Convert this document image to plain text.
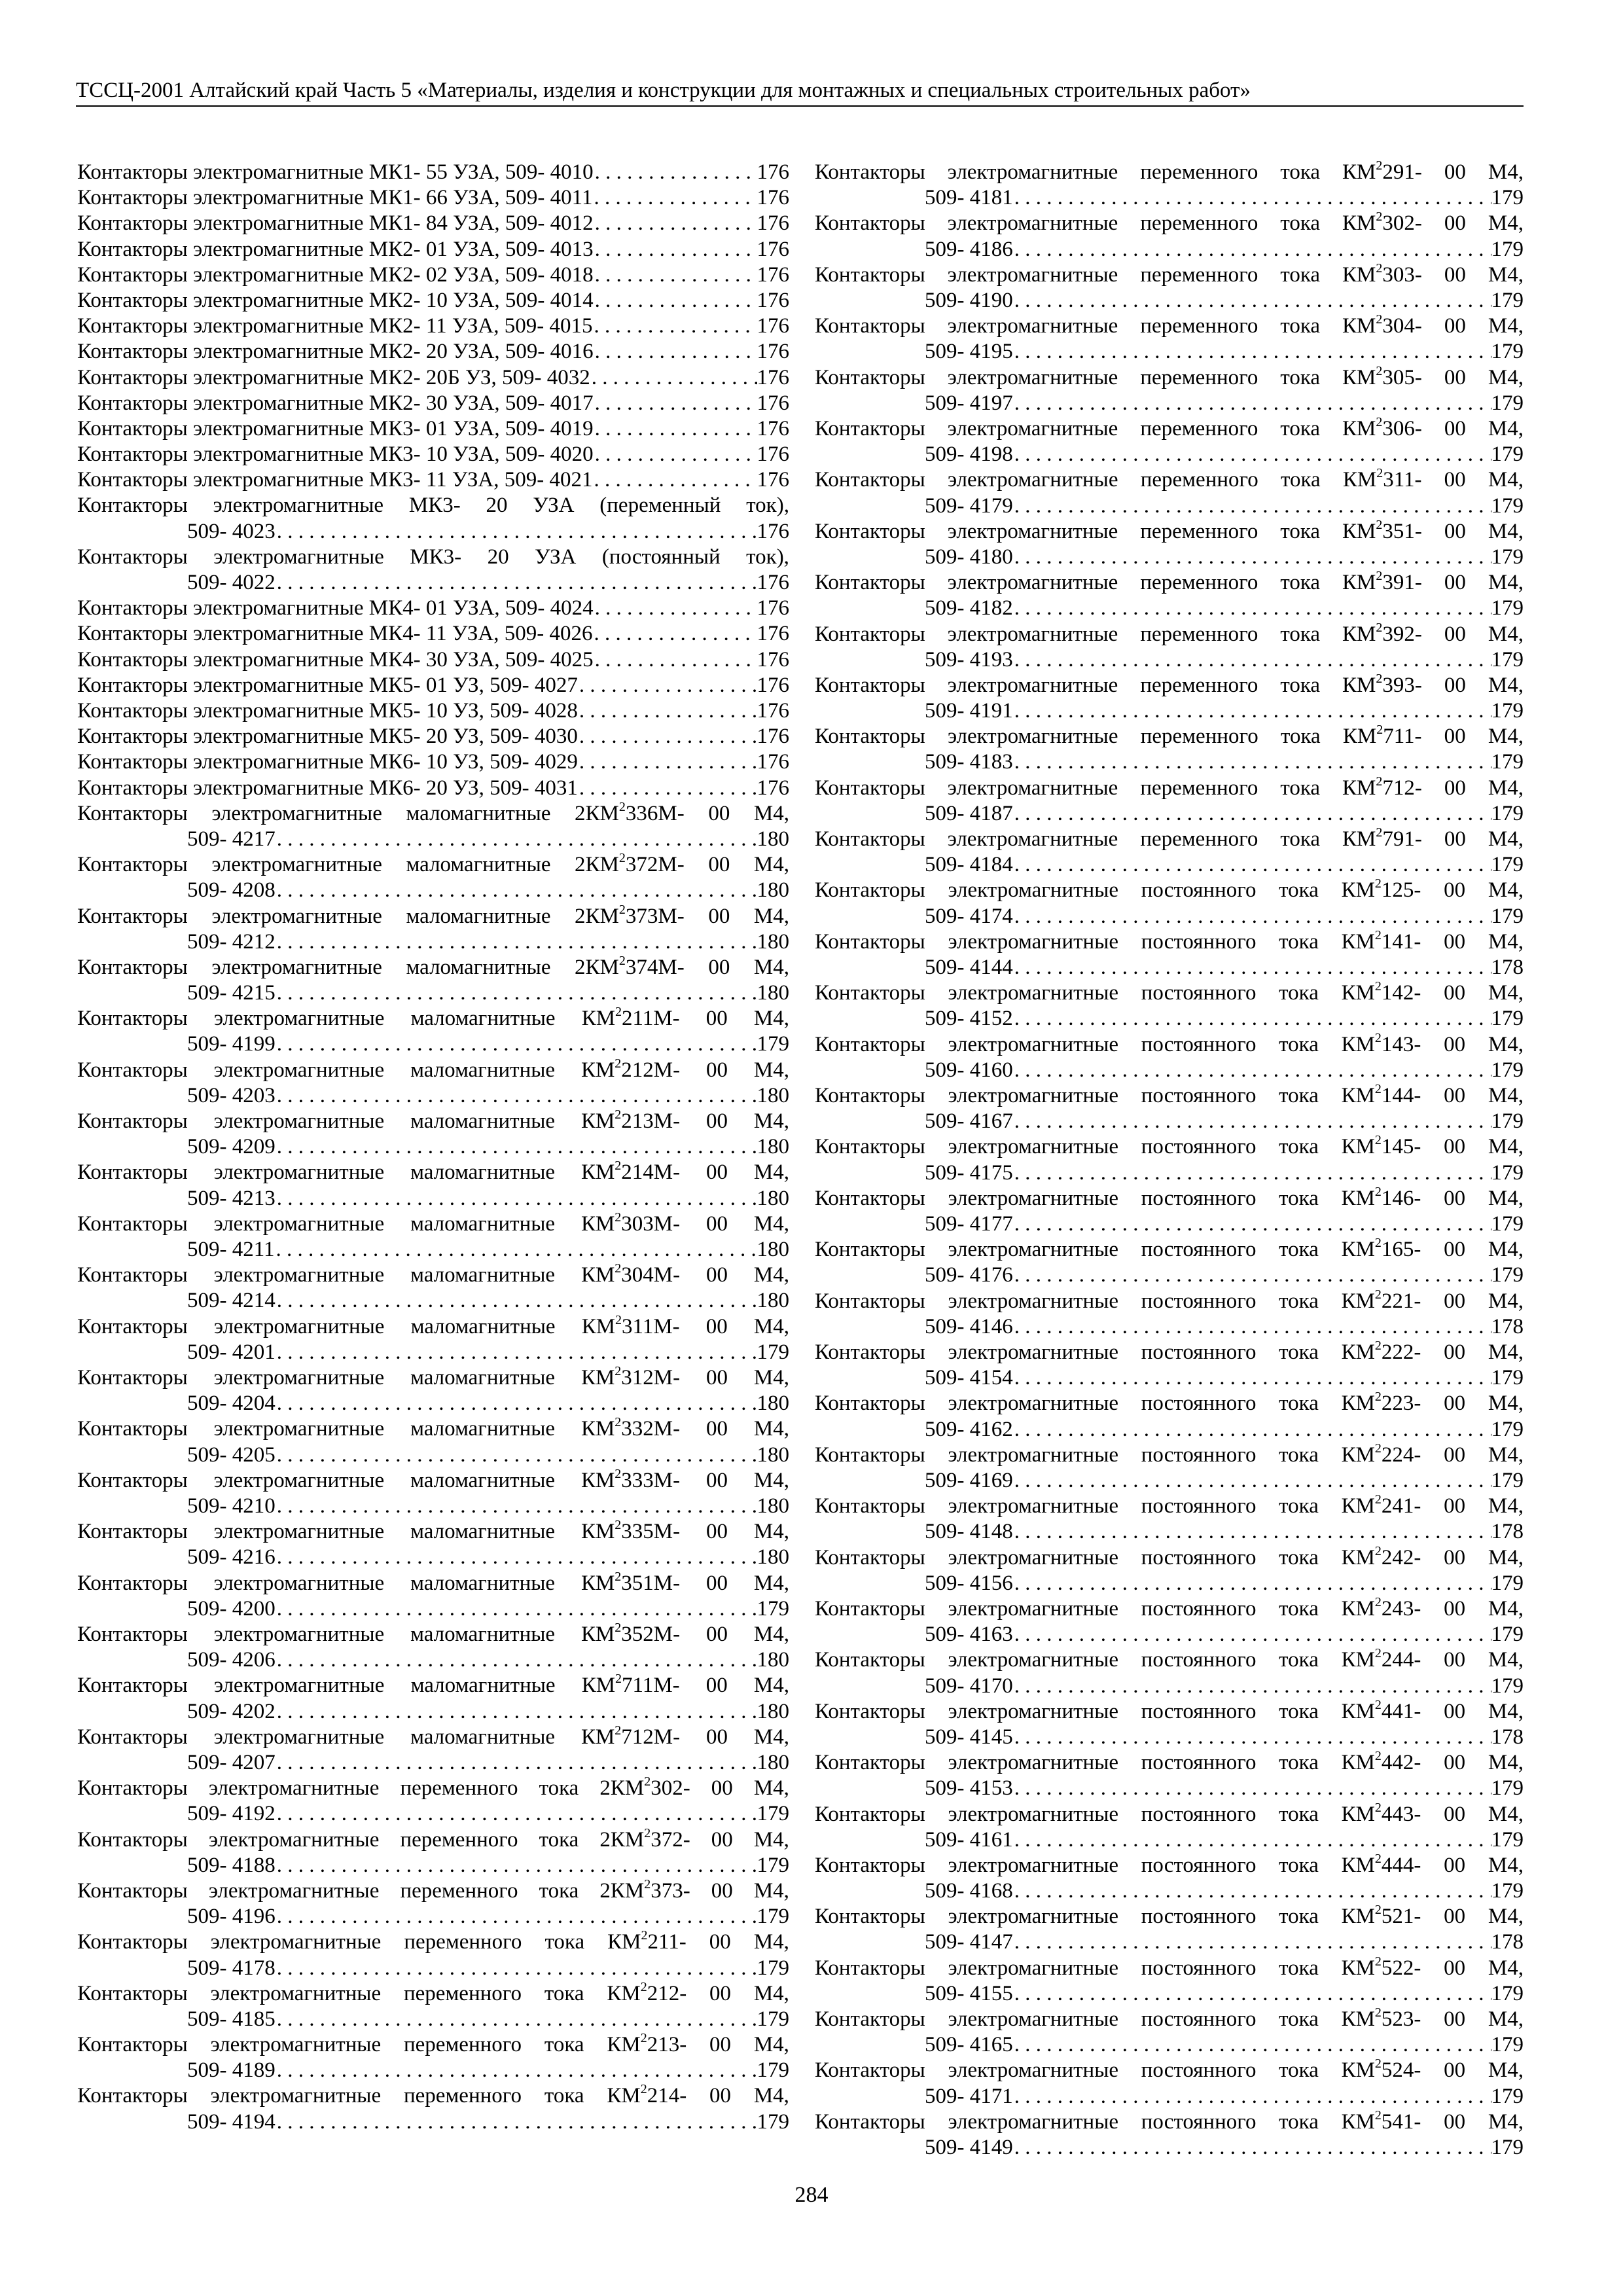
ТССЦ-2001 Алтайский край Часть 5 «Материалы, изделия и конструкции для монтажных и специальных строительных работ»
Контакторы электромагнитные МК1- 55 УЗА, 509- 4010 . . .	176
Контакторы электромагнитные МК1- 66 УЗА, 509- 4011 . . .	176
Контакторы электромагнитные МК1- 84 УЗА, 509- 4012 . . .	176
Контакторы электромагнитные МК2- 01 УЗА, 509- 4013 . . .	176
Контакторы электромагнитные МК2- 02 УЗА, 509- 4018 . . .	176
Контакторы электромагнитные МК2- 10 УЗА, 509- 4014 . . .	176
Контакторы электромагнитные МК2- 11 УЗА, 509- 4015 . . .	176
Контакторы электромагнитные МК2- 20 УЗА, 509- 4016 . . .	176
Контакторы электромагнитные МК2- 20Б УЗ, 509- 4032 . . .	176
Контакторы электромагнитные МК2- 30 УЗА, 509- 4017 . . .	176
Контакторы электромагнитные МК3- 01 УЗА, 509- 4019 . . .	176
Контакторы электромагнитные МК3- 10 УЗА, 509- 4020 . . .	176
Контакторы электромагнитные МК3- 11 УЗА, 509- 4021 . . .	176
Контакторы электромагнитные МК3- 20 УЗА (переменный ток),
509- 4023 . . .	176
Контакторы электромагнитные МК3- 20 УЗА (постоянный ток),
509- 4022 . . .	176
Контакторы электромагнитные МК4- 01 УЗА, 509- 4024 . . .	176
Контакторы электромагнитные МК4- 11 УЗА, 509- 4026 . . .	176
Контакторы электромагнитные МК4- 30 УЗА, 509- 4025 . . .	176
Контакторы электромагнитные МК5- 01 УЗ, 509- 4027 . . .	176
Контакторы электромагнитные МК5- 10 УЗ, 509- 4028 . . .	176
Контакторы электромагнитные МК5- 20 УЗ, 509- 4030 . . .	176
Контакторы электромагнитные МК6- 10 УЗ, 509- 4029 . . .	176
Контакторы электромагнитные МК6- 20 УЗ, 509- 4031 . . .	176
Контакторы электромагнитные маломагнитные $2КМ^2336М-$ 00 М4,
509- 4217 . . .	180
Контакторы электромагнитные маломагнитные $2КМ^2372М-$ 00 М4,
509- 4208 . . .	180
Контакторы электромагнитные маломагнитные $2КМ^2373М-$ 00 М4,
509- 4212 . . .	180
Контакторы электромагнитные маломагнитные $2КМ^2374М-$ 00 М4,
509- 4215 . . .	180
Контакторы электромагнитные маломагнитные $КМ^2211М-$ 00 М4,
509- 4199 . . .	179
Контакторы электромагнитные маломагнитные $КМ^2212М-$ 00 М4,
509- 4203 . . .	180
Контакторы электромагнитные маломагнитные $КМ^2213М-$ 00 М4,
509- 4209 . . .	180
Контакторы электромагнитные маломагнитные $КМ^2214М-$ 00 М4,
509- 4213 . . .	180
Контакторы электромагнитные маломагнитные $КМ^2303М-$ 00 М4,
509- 4211 . . .	180
Контакторы электромагнитные маломагнитные $КМ^2304М-$ 00 М4,
509- 4214 . . .	180
Контакторы электромагнитные маломагнитные $КМ^2311М-$ 00 М4,
509- 4201 . . .	179
Контакторы электромагнитные маломагнитные $КМ^2312М-$ 00 М4,
509- 4204 . . .	180
Контакторы электромагнитные маломагнитные $КМ^2332М-$ 00 М4,
509- 4205 . . .	180
Контакторы электромагнитные маломагнитные $КМ^2333М-$ 00 М4,
509- 4210 . . .	180
Контакторы электромагнитные маломагнитные $КМ^2335М-$ 00 М4,
509- 4216 . . .	180
Контакторы электромагнитные маломагнитные $КМ^2351М-$ 00 М4,
509- 4200 . . .	179
Контакторы электромагнитные маломагнитные $КМ^2352М-$ 00 М4,
509- 4206 . . .	180
Контакторы электромагнитные маломагнитные $КМ^2711М-$ 00 М4,
509- 4202 . . .	180
Контакторы электромагнитные маломагнитные $КМ^2712М-$ 00 М4,
509- 4207 . . .	180
Контакторы электромагнитные переменного тока $2КМ^2302-$ 00 М4,
509- 4192 . . .	179
Контакторы электромагнитные переменного тока $2КМ^2372-$ 00 М4,
509- 4188 . . .	179
Контакторы электромагнитные переменного тока $2КМ^2373-$ 00 М4,
509- 4196 . . .	179
Контакторы электромагнитные переменного тока $КМ^2211-$ 00 М4,
509- 4178 . . .	179
Контакторы электромагнитные переменного тока $КМ^2212-$ 00 М4,
509- 4185 . . .	179
Контакторы электромагнитные переменного тока $КМ^2213-$ 00 М4,
509- 4189 . . .	179
Контакторы электромагнитные переменного тока $КМ^2214-$ 00 М4,
509- 4194 . . .	179
Контакторы электромагнитные переменного тока $КМ^2291-$ 00 М4,
509- 4181 . . .	179
Контакторы электромагнитные переменного тока $КМ^2302-$ 00 М4,
509- 4186 . . .	179
Контакторы электромагнитные переменного тока $КМ^2303-$ 00 М4,
509- 4190 . . .	179
Контакторы электромагнитные переменного тока $КМ^2304-$ 00 М4,
509- 4195 . . .	179
Контакторы электромагнитные переменного тока $КМ^2305-$ 00 М4,
509- 4197 . . .	179
Контакторы электромагнитные переменного тока $КМ^2306-$ 00 М4,
509- 4198 . . .	179
Контакторы электромагнитные переменного тока $КМ^2311-$ 00 М4,
509- 4179 . . .	179
Контакторы электромагнитные переменного тока $КМ^2351-$ 00 М4,
509- 4180 . . .	179
Контакторы электромагнитные переменного тока $КМ^2391-$ 00 М4,
509- 4182 . . .	179
Контакторы электромагнитные переменного тока $КМ^2392-$ 00 М4,
509- 4193 . . .	179
Контакторы электромагнитные переменного тока $КМ^2393-$ 00 М4,
509- 4191 . . .	179
Контакторы электромагнитные переменного тока $КМ^2711-$ 00 М4,
509- 4183 . . .	179
Контакторы электромагнитные переменного тока $КМ^2712-$ 00 М4,
509- 4187 . . .	179
Контакторы электромагнитные переменного тока $КМ^2791-$ 00 М4,
509- 4184 . . .	179
Контакторы электромагнитные постоянного тока $КМ^2125-$ 00 М4,
509- 4174 . . .	179
Контакторы электромагнитные постоянного тока $КМ^2141-$ 00 М4,
509- 4144 . . .	178
Контакторы электромагнитные постоянного тока $КМ^2142-$ 00 М4,
509- 4152 . . .	179
Контакторы электромагнитные постоянного тока $КМ^2143-$ 00 М4,
509- 4160 . . .	179
Контакторы электромагнитные постоянного тока $КМ^2144-$ 00 М4,
509- 4167 . . .	179
Контакторы электромагнитные постоянного тока $КМ^2145-$ 00 М4,
509- 4175 . . .	179
Контакторы электромагнитные постоянного тока $КМ^2146-$ 00 М4,
509- 4177 . . .	179
Контакторы электромагнитные постоянного тока $КМ^2165-$ 00 М4,
509- 4176 . . .	179
Контакторы электромагнитные постоянного тока $КМ^2221-$ 00 М4,
509- 4146 . . .	178
Контакторы электромагнитные постоянного тока $КМ^2222-$ 00 М4,
509- 4154 . . .	179
Контакторы электромагнитные постоянного тока $КМ^2223-$ 00 М4,
509- 4162 . . .	179
Контакторы электромагнитные постоянного тока $КМ^2224-$ 00 М4,
509- 4169 . . .	179
Контакторы электромагнитные постоянного тока $КМ^2241-$ 00 М4,
509- 4148 . . .	178
Контакторы электромагнитные постоянного тока $КМ^2242-$ 00 М4,
509- 4156 . . .	179
Контакторы электромагнитные постоянного тока $КМ^2243-$ 00 М4,
509- 4163 . . .	179
Контакторы электромагнитные постоянного тока $КМ^2244-$ 00 М4,
509- 4170 . . .	179
Контакторы электромагнитные постоянного тока $КМ^2441-$ 00 М4,
509- 4145 . . .	178
Контакторы электромагнитные постоянного тока $КМ^2442-$ 00 М4,
509- 4153 . . .	179
Контакторы электромагнитные постоянного тока $КМ^2443-$ 00 М4,
509- 4161 . . .	179
Контакторы электромагнитные постоянного тока $КМ^2444-$ 00 М4,
509- 4168 . . .	179
Контакторы электромагнитные постоянного тока $КМ^2521-$ 00 М4,
509- 4147 . . .	178
Контакторы электромагнитные постоянного тока $КМ^2522-$ 00 М4,
509- 4155 . . .	179
Контакторы электромагнитные постоянного тока $КМ^2523-$ 00 М4,
509- 4165 . . .	179
Контакторы электромагнитные постоянного тока $КМ^2524-$ 00 М4,
509- 4171 . . .	179
Контакторы электромагнитные постоянного тока $КМ^2541-$ 00 М4,
509- 4149 . . .	179
284
